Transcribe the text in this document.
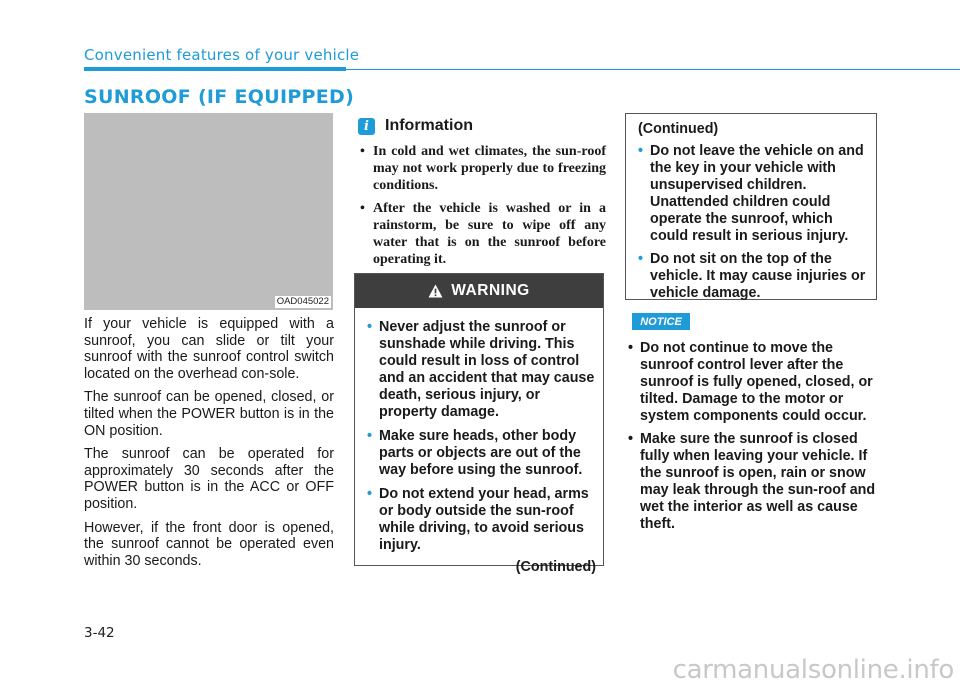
Convenient features of your vehicle
SUNROOF (IF EQUIPPED)
OAD045022

If your vehicle is equipped with a sunroof, you can slide or tilt your sunroof with the sunroof control switch located on the overhead con-sole.

The sunroof can be opened, closed, or tilted when the POWER button is in the ON position.

The sunroof can be operated for approximately 30 seconds after the POWER button is in the ACC or OFF position.

However, if the front door is opened, the sunroof cannot be operated even within 30 seconds.

i	Information
• In cold and wet climates, the sun-roof may not work properly due to freezing conditions.
• After the vehicle is washed or in a rainstorm, be sure to wipe off any water that is on the sunroof before operating it.
WARNING
• Never adjust the sunroof or sunshade while driving. This could result in loss of control and an accident that may cause death, serious injury, or property damage.
• Make sure heads, other body parts or objects are out of the way before using the sunroof.
• Do not extend your head, arms or body outside the sun-roof while driving, to avoid serious injury.
(Continued)
(Continued)
• Do not leave the vehicle on and the key in your vehicle with unsupervised children. Unattended children could operate the sunroof, which could result in serious injury.
• Do not sit on the top of the vehicle. It may cause injuries or vehicle damage.
NOTICE
• Do not continue to move the sunroof control lever after the sunroof is fully opened, closed, or tilted. Damage to the motor or system components could occur.
• Make sure the sunroof is closed fully when leaving your vehicle. If the sunroof is open, rain or snow may leak through the sun-roof and wet the interior as well as cause theft.
3-42
carmanualsonline.info
